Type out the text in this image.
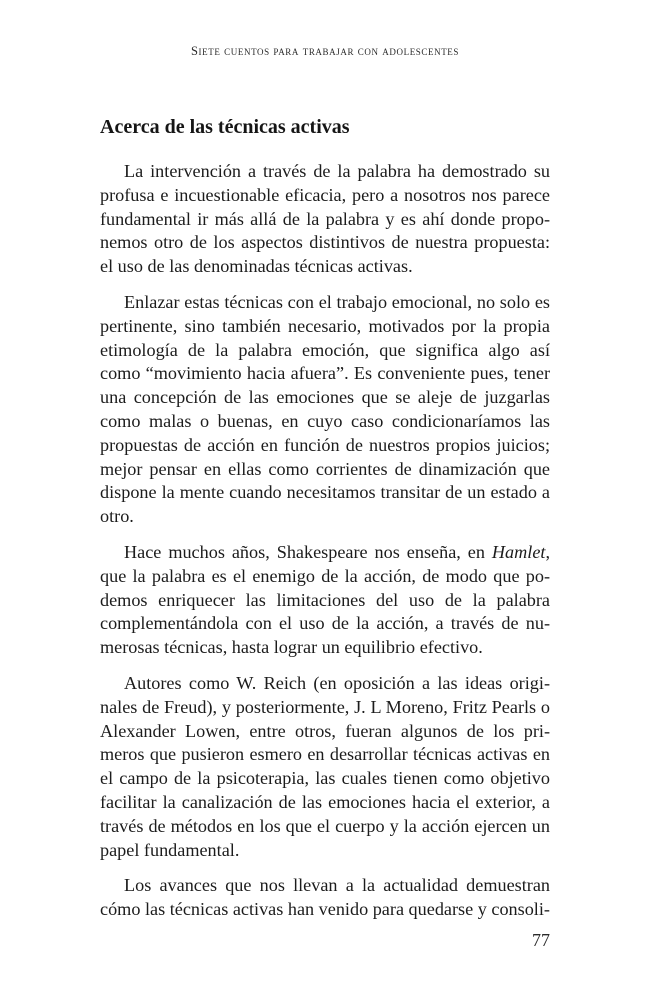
Siete cuentos para trabajar con adolescentes
Acerca de las técnicas activas

La intervención a través de la palabra ha demostrado su profusa e incuestionable eficacia, pero a nosotros nos parece fundamental ir más allá de la palabra y es ahí donde proponemos otro de los aspectos distintivos de nuestra propuesta: el uso de las denominadas técnicas activas.

Enlazar estas técnicas con el trabajo emocional, no solo es pertinente, sino también necesario, motivados por la propia etimología de la palabra emoción, que significa algo así como “movimiento hacia afuera”. Es conveniente pues, tener una concepción de las emociones que se aleje de juzgarlas como malas o buenas, en cuyo caso condicionaríamos las propuestas de acción en función de nuestros propios juicios; mejor pensar en ellas como corrientes de dinamización que dispone la mente cuando necesitamos transitar de un estado a otro.

Hace muchos años, Shakespeare nos enseña, en Hamlet, que la palabra es el enemigo de la acción, de modo que podemos enriquecer las limitaciones del uso de la palabra complementándola con el uso de la acción, a través de numerosas técnicas, hasta lograr un equilibrio efectivo.

Autores como W. Reich (en oposición a las ideas originales de Freud), y posteriormente, J. L Moreno, Fritz Pearls o Alexander Lowen, entre otros, fueran algunos de los primeros que pusieron esmero en desarrollar técnicas activas en el campo de la psicoterapia, las cuales tienen como objetivo facilitar la canalización de las emociones hacia el exterior, a través de métodos en los que el cuerpo y la acción ejercen un papel fundamental.

Los avances que nos llevan a la actualidad demuestran cómo las técnicas activas han venido para quedarse y consoli-

77
